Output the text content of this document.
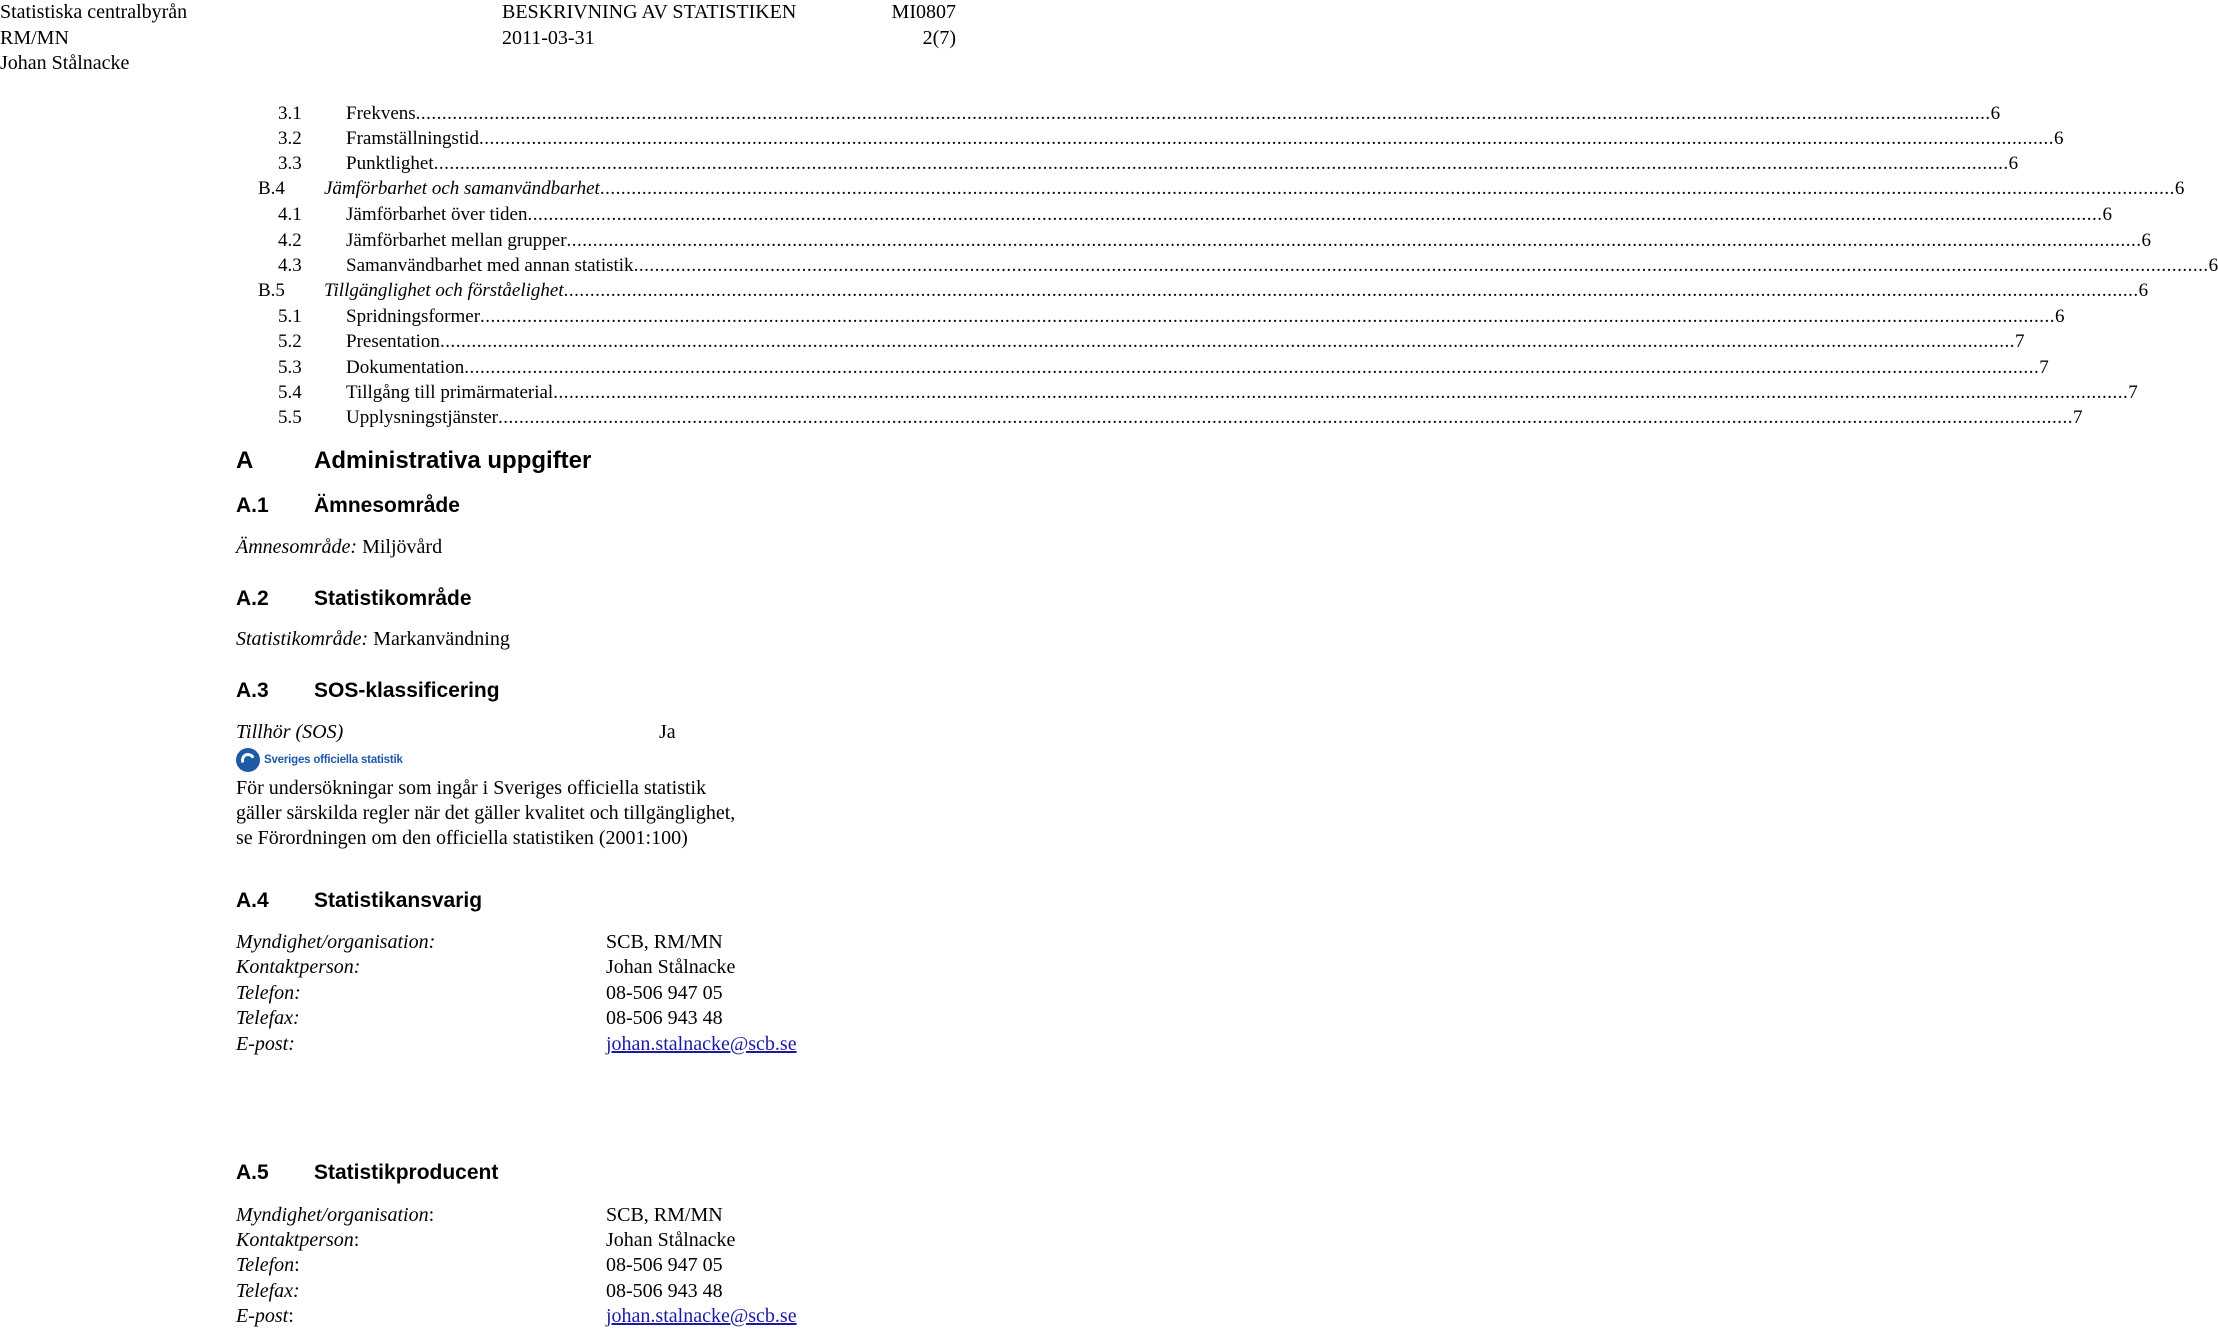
Statistiska centralbyrån	BESKRIVNING AV STATISTIKEN	MI0807
RM/MN	2011-03-31	2(7)
Johan Stålnacke
3.1	Frekvens ............................................................................................................................................................................................................................................................................................................ 6
3.2	Framställningstid ............................................................................................................................................................................................................................................................................................................ 6
3.3	Punktlighet ............................................................................................................................................................................................................................................................................................................ 6
B.4	Jämförbarhet och samanvändbarhet ............................................................................................................................................................................................................................................................................................................ 6
4.1	Jämförbarhet över tiden ............................................................................................................................................................................................................................................................................................................ 6
4.2	Jämförbarhet mellan grupper ............................................................................................................................................................................................................................................................................................................ 6
4.3	Samanvändbarhet med annan statistik ............................................................................................................................................................................................................................................................................................................ 6
B.5	Tillgänglighet och förståelighet ............................................................................................................................................................................................................................................................................................................ 6
5.1	Spridningsformer ............................................................................................................................................................................................................................................................................................................ 6
5.2	Presentation ............................................................................................................................................................................................................................................................................................................ 7
5.3	Dokumentation ............................................................................................................................................................................................................................................................................................................ 7
5.4	Tillgång till primärmaterial ............................................................................................................................................................................................................................................................................................................ 7
5.5	Upplysningstjänster ............................................................................................................................................................................................................................................................................................................ 7
A	Administrativa uppgifter
A.1 Ämnesområde
Ämnesområde: Miljövård
A.2 Statistikområde
Statistikområde: Markanvändning
A.3 SOS-klassificering
Tillhör (SOS)	Ja
Sveriges officiella statistik
För undersökningar som ingår i Sveriges officiella statistik
gäller särskilda regler när det gäller kvalitet och tillgänglighet,
se Förordningen om den officiella statistiken (2001:100)
A.4 Statistikansvarig
Myndighet/organisation:	SCB, RM/MN
Kontaktperson:	Johan Stålnacke
Telefon:	08-506 947 05
Telefax:	08-506 943 48
E-post:	johan.stalnacke@scb.se
A.5 Statistikproducent
Myndighet/organisation:	SCB, RM/MN
Kontaktperson:	Johan Stålnacke
Telefon:	08-506 947 05
Telefax:	08-506 943 48
E-post:	johan.stalnacke@scb.se
